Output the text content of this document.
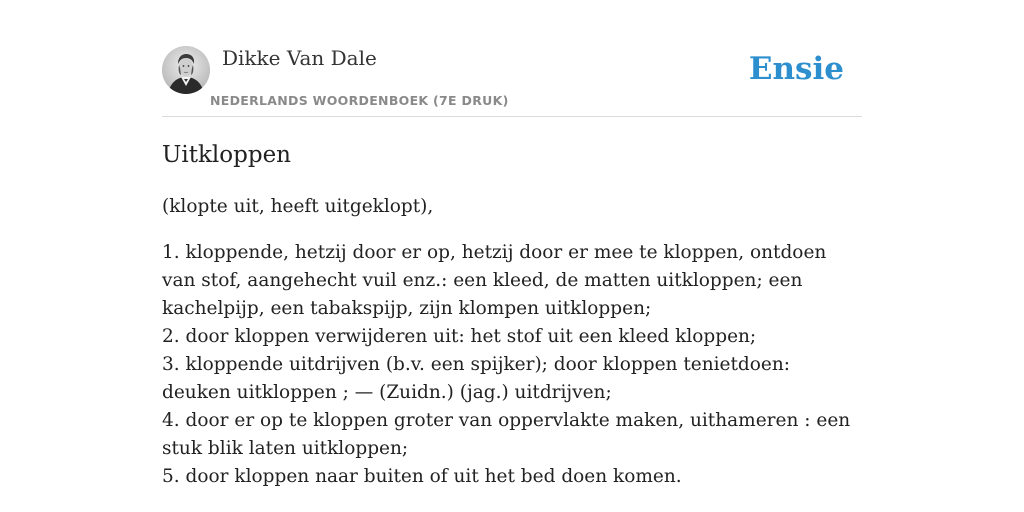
Dikke Van Dale
NEDERLANDS WOORDENBOEK (7E DRUK)
Ensie
Uitkloppen
(klopte uit, heeft uitgeklopt),
1. kloppende, hetzij door er op, hetzij door er mee te kloppen, ontdoen van stof, aangehecht vuil enz.: een kleed, de matten uitkloppen; een kachelpijp, een tabakspijp, zijn klompen uitkloppen;
2. door kloppen verwijderen uit: het stof uit een kleed kloppen;
3. kloppende uitdrijven (b.v. een spijker); door kloppen tenietdoen: deuken uitkloppen ; — (Zuidn.) (jag.) uitdrijven;
4. door er op te kloppen groter van oppervlakte maken, uithameren : een stuk blik laten uitkloppen;
5. door kloppen naar buiten of uit het bed doen komen.
